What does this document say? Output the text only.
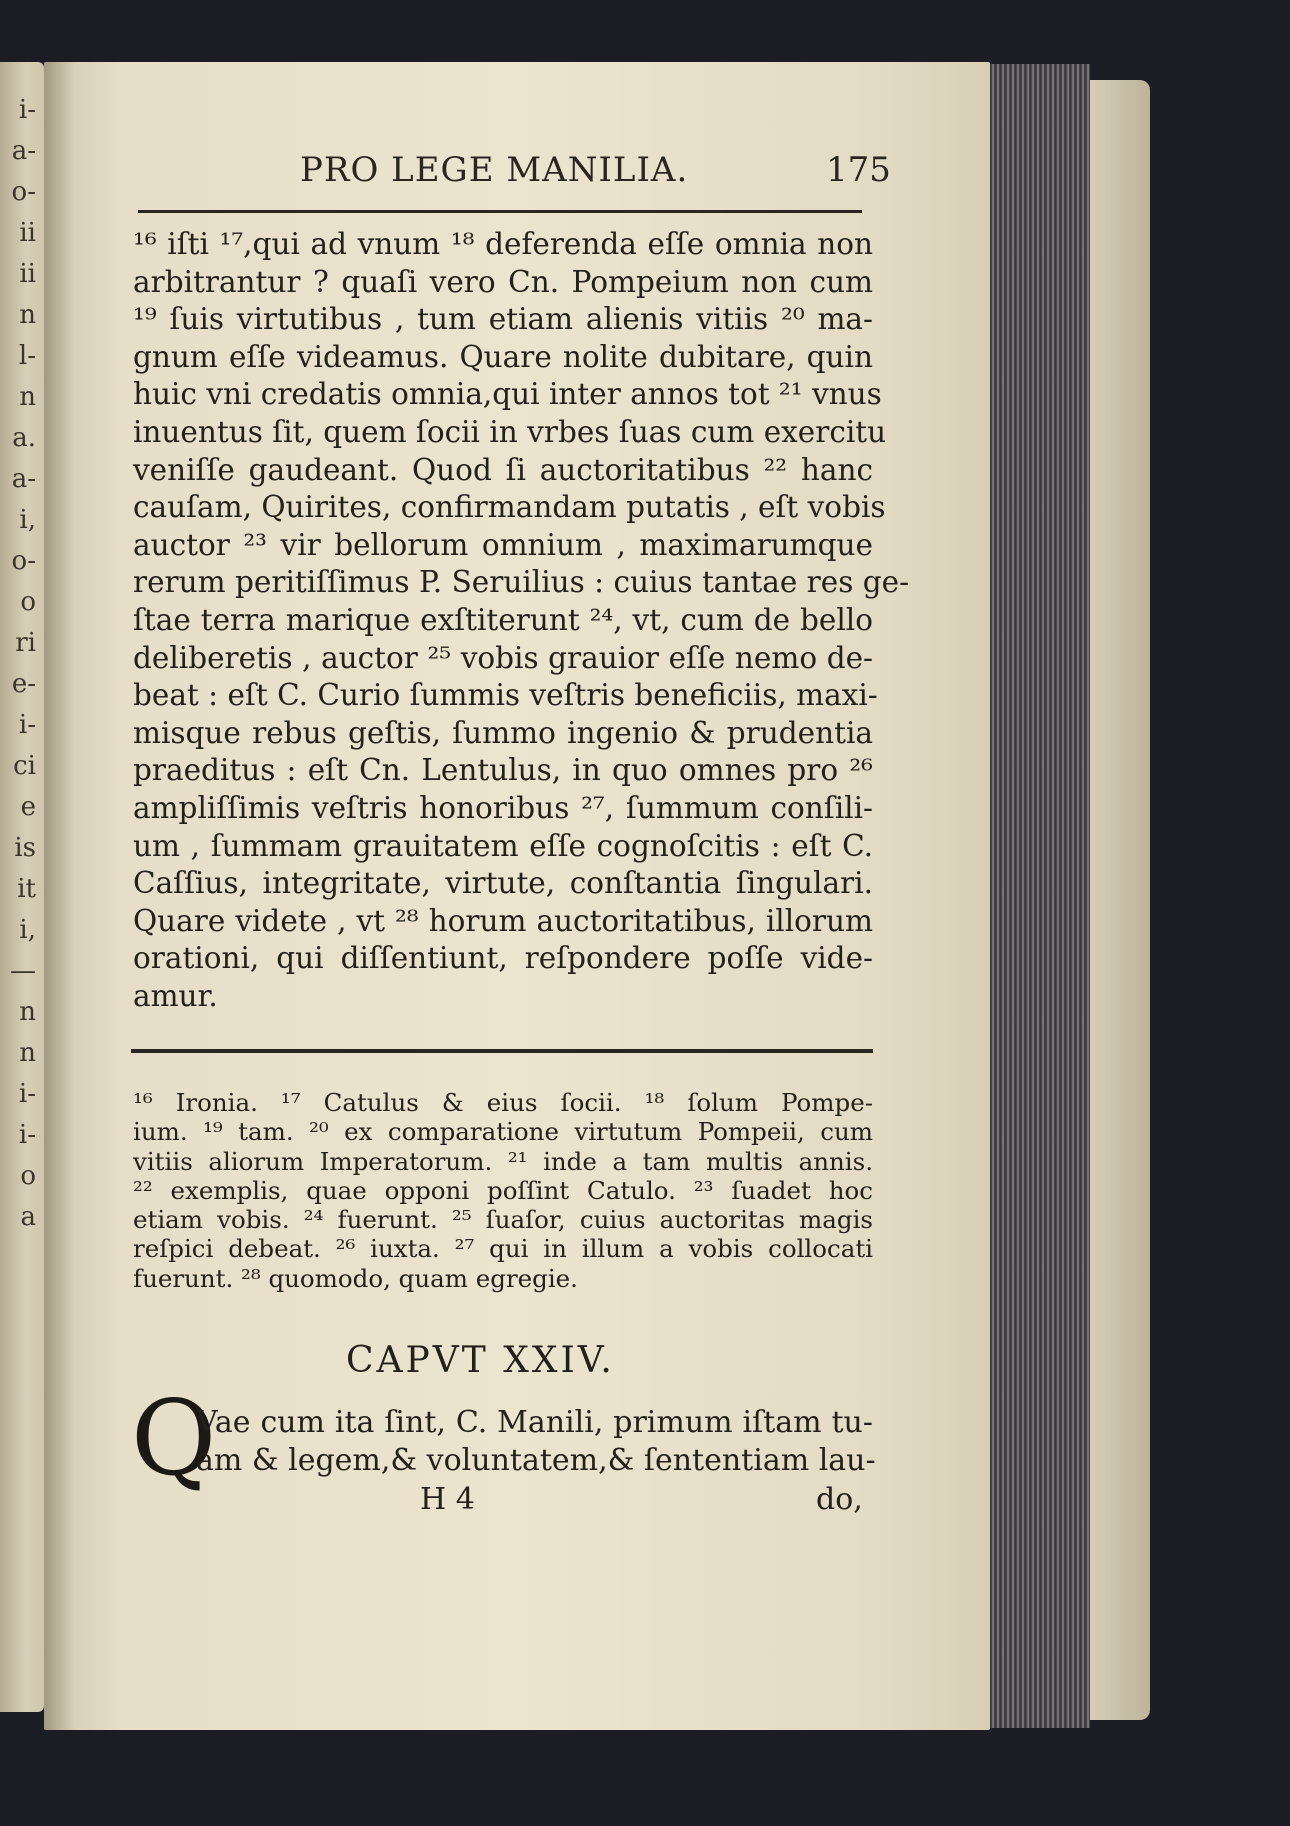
i-
a-
o-
ii
ii
n
l-
n
a.
a-
i,
o-
o
ri
e-
i-
ci
e
is
it
i,
—
n
n
i-
i-
o
a
PRO LEGE MANILIA.	175
¹⁶ iſti ¹⁷,qui ad vnum ¹⁸ deferenda eſſe omnia non
arbitrantur ? quaſi vero Cn. Pompeium non cum
¹⁹ ſuis virtutibus , tum etiam alienis vitiis ²⁰ ma-
gnum eſſe videamus. Quare nolite dubitare, quin
huic vni credatis omnia,qui inter annos tot ²¹ vnus
inuentus ſit, quem ſocii in vrbes ſuas cum exercitu
veniſſe gaudeant. Quod ſi auctoritatibus ²² hanc
cauſam, Quirites, confirmandam putatis , eſt vobis
auctor ²³ vir bellorum omnium , maximarumque
rerum peritiſſimus P. Seruilius : cuius tantae res ge-
ſtae terra marique exſtiterunt ²⁴, vt, cum de bello
deliberetis , auctor ²⁵ vobis grauior eſſe nemo de-
beat : eſt C. Curio ſummis veſtris beneficiis, maxi-
misque rebus geſtis, ſummo ingenio & prudentia
praeditus : eſt Cn. Lentulus, in quo omnes pro ²⁶
ampliſſimis veſtris honoribus ²⁷, ſummum conſili-
um , ſummam grauitatem eſſe cognoſcitis : eſt C.
Caſſius, integritate, virtute, conſtantia ſingulari.
Quare videte , vt ²⁸ horum auctoritatibus, illorum
orationi, qui diſſentiunt, reſpondere poſſe vide-
amur.
¹⁶ Ironia. ¹⁷ Catulus & eius ſocii. ¹⁸ ſolum Pompe-
ium. ¹⁹ tam. ²⁰ ex comparatione virtutum Pompeii, cum
vitiis aliorum Imperatorum. ²¹ inde a tam multis annis.
²² exemplis, quae opponi poſſint Catulo. ²³ ſuadet hoc
etiam vobis. ²⁴ fuerunt. ²⁵ ſuaſor, cuius auctoritas magis
reſpici debeat. ²⁶ iuxta. ²⁷ qui in illum a vobis collocati
fuerunt. ²⁸ quomodo, quam egregie.
CAPVT XXIV.
Q
Vae cum ita ſint, C. Manili, primum iſtam tu-
am & legem,& voluntatem,& ſententiam lau-
H 4	do,
